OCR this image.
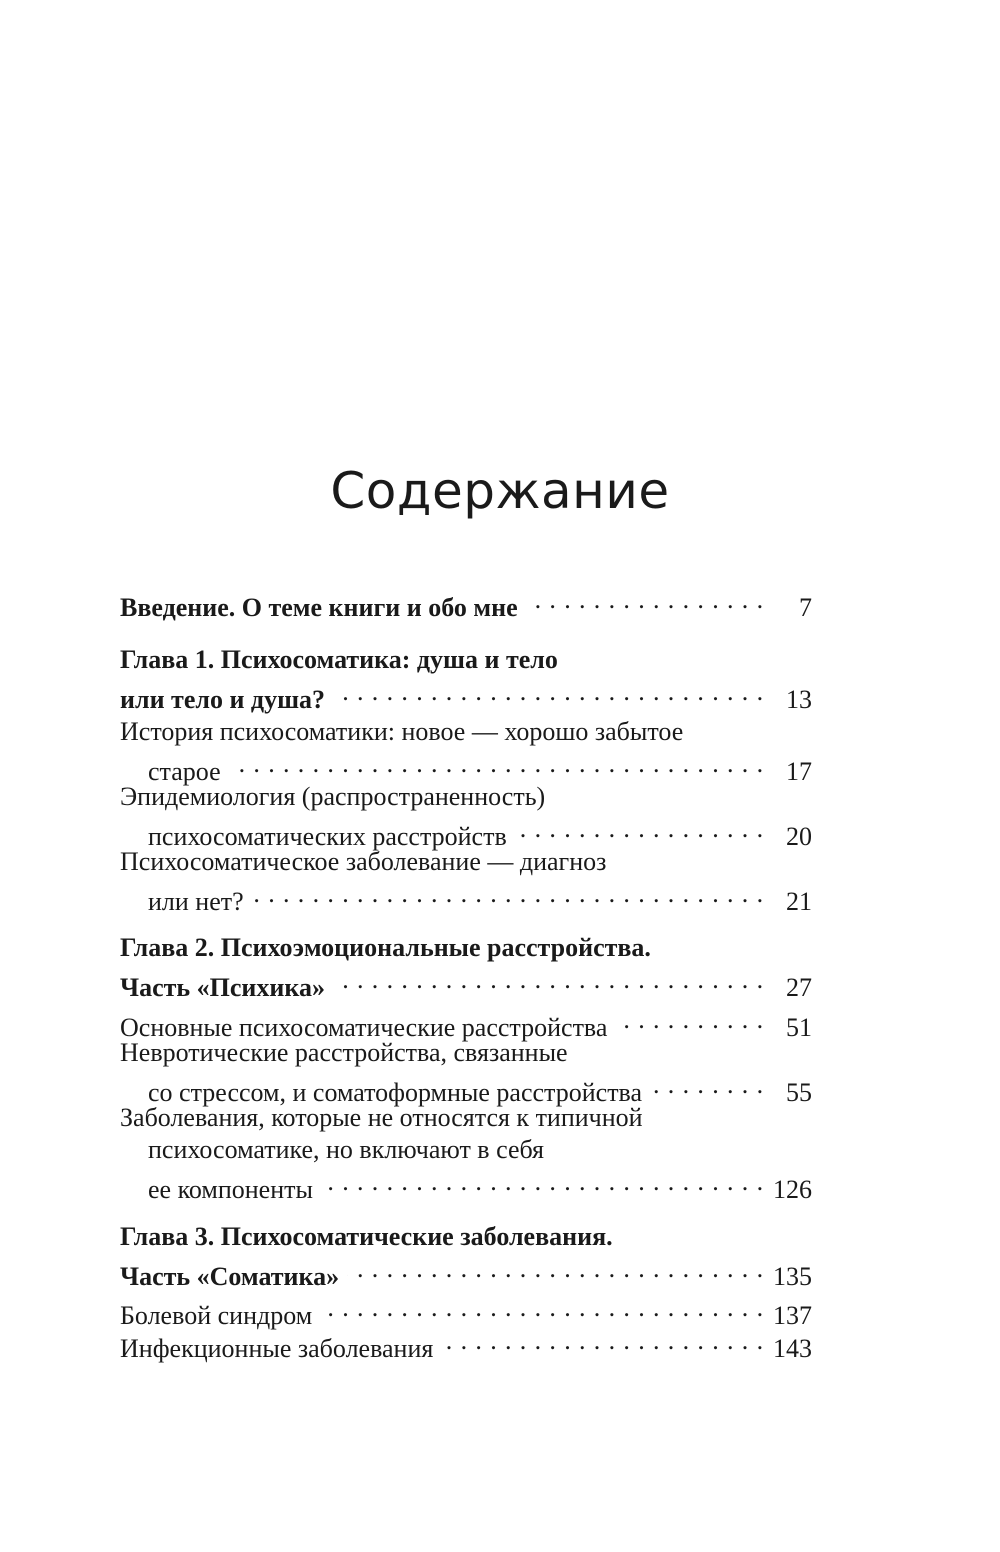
Содержание
Введение. О теме книги и обо мне . . .	7
Глава 1. Психосоматика: душа и тело
или тело и душа? . . .	13
История психосоматики: новое — хорошо забытое
старое . . .	17
Эпидемиология (распространенность)
психосоматических расстройств . . .	20
Психосоматическое заболевание — диагноз
или нет? . . .	21
Глава 2. Психоэмоциональные расстройства.
Часть «Психика» . . .	27
Основные психосоматические расстройства . . .	51
Невротические расстройства, связанные
со стрессом, и соматоформные расстройства . . .	55
Заболевания, которые не относятся к типичной
психосоматике, но включают в себя
ее компоненты . . .	126
Глава 3. Психосоматические заболевания.
Часть «Соматика» . . .	135
Болевой синдром . . .	137
Инфекционные заболевания . . .	143
